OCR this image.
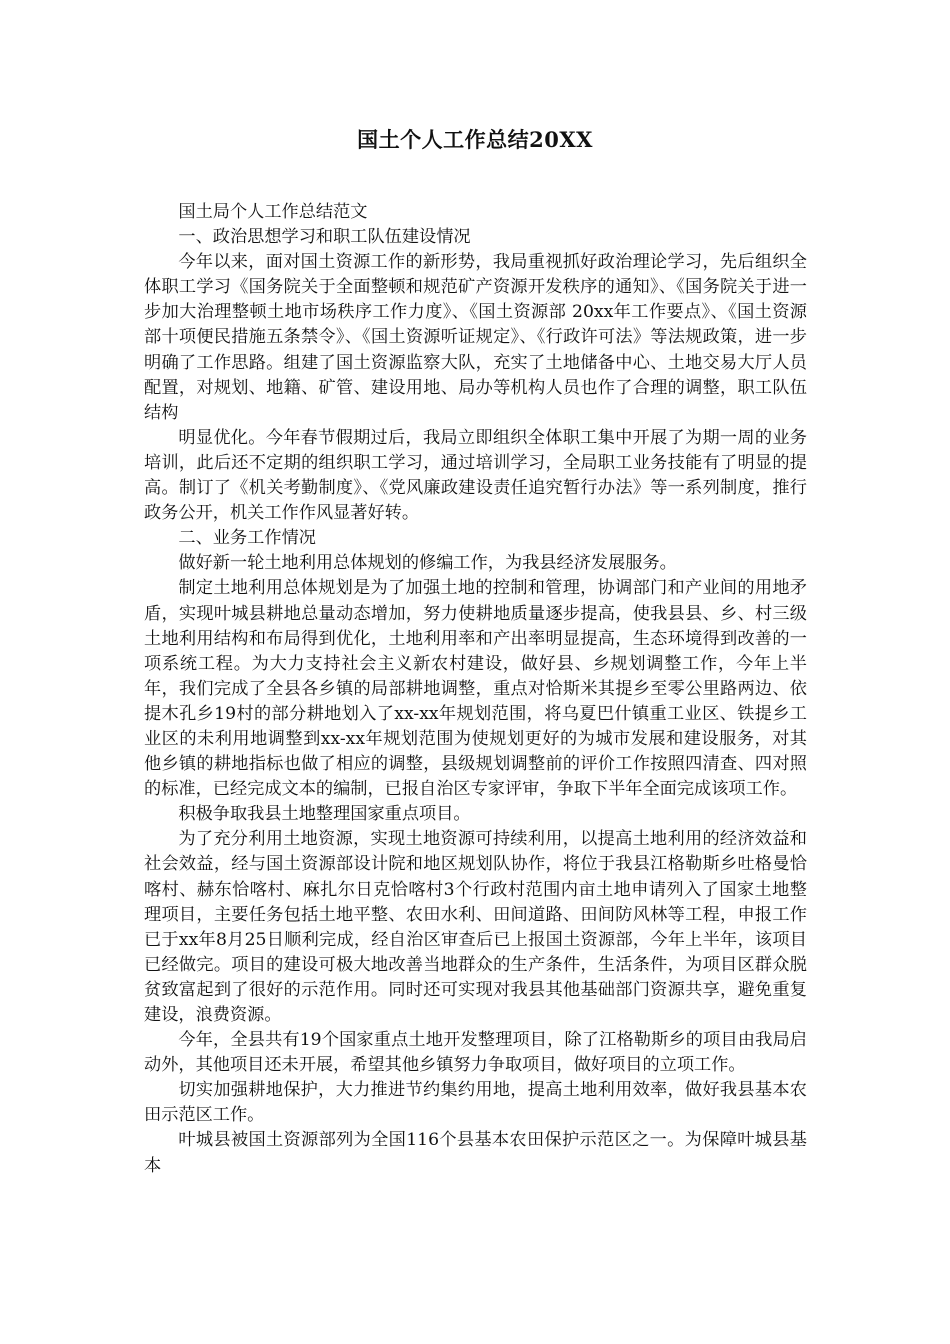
国土个人工作总结20XX

国土局个人工作总结范文

一、政治思想学习和职工队伍建设情况

今年以来，面对国土资源工作的新形势，我局重视抓好政治理论学习，先后组织全体职工学习《国务院关于全面整顿和规范矿产资源开发秩序的通知》、《国务院关于进一步加大治理整顿土地市场秩序工作力度》、《国土资源部 20xx年工作要点》、《国土资源部十项便民措施五条禁令》、《国土资源听证规定》、《行政许可法》等法规政策，进一步明确了工作思路。组建了国土资源监察大队，充实了土地储备中心、土地交易大厅人员配置，对规划、地籍、矿管、建设用地、局办等机构人员也作了合理的调整，职工队伍结构

明显优化。今年春节假期过后，我局立即组织全体职工集中开展了为期一周的业务培训，此后还不定期的组织职工学习，通过培训学习，全局职工业务技能有了明显的提高。制订了《机关考勤制度》、《党风廉政建设责任追究暂行办法》等一系列制度，推行政务公开，机关工作作风显著好转。

二、业务工作情况

做好新一轮土地利用总体规划的修编工作，为我县经济发展服务。

制定土地利用总体规划是为了加强土地的控制和管理，协调部门和产业间的用地矛盾，实现叶城县耕地总量动态增加，努力使耕地质量逐步提高，使我县县、乡、村三级土地利用结构和布局得到优化，土地利用率和产出率明显提高，生态环境得到改善的一项系统工程。为大力支持社会主义新农村建设，做好县、乡规划调整工作，今年上半年，我们完成了全县各乡镇的局部耕地调整，重点对恰斯米其提乡至零公里路两边、依提木孔乡19村的部分耕地划入了xx-xx年规划范围，将乌夏巴什镇重工业区、铁提乡工业区的未利用地调整到xx-xx年规划范围为使规划更好的为城市发展和建设服务，对其他乡镇的耕地指标也做了相应的调整，县级规划调整前的评价工作按照四清查、四对照的标准，已经完成文本的编制，已报自治区专家评审，争取下半年全面完成该项工作。

积极争取我县土地整理国家重点项目。

为了充分利用土地资源，实现土地资源可持续利用，以提高土地利用的经济效益和社会效益，经与国土资源部设计院和地区规划队协作，将位于我县江格勒斯乡吐格曼恰喀村、赫东恰喀村、麻扎尔日克恰喀村3个行政村范围内亩土地申请列入了国家土地整理项目，主要任务包括土地平整、农田水利、田间道路、田间防风林等工程，申报工作已于xx年8月25日顺利完成，经自治区审查后已上报国土资源部，今年上半年，该项目已经做完。项目的建设可极大地改善当地群众的生产条件，生活条件，为项目区群众脱贫致富起到了很好的示范作用。同时还可实现对我县其他基础部门资源共享，避免重复建设，浪费资源。

今年，全县共有19个国家重点土地开发整理项目，除了江格勒斯乡的项目由我局启动外，其他项目还未开展，希望其他乡镇努力争取项目，做好项目的立项工作。

切实加强耕地保护，大力推进节约集约用地，提高土地利用效率，做好我县基本农田示范区工作。

叶城县被国土资源部列为全国116个县基本农田保护示范区之一。为保障叶城县基本
